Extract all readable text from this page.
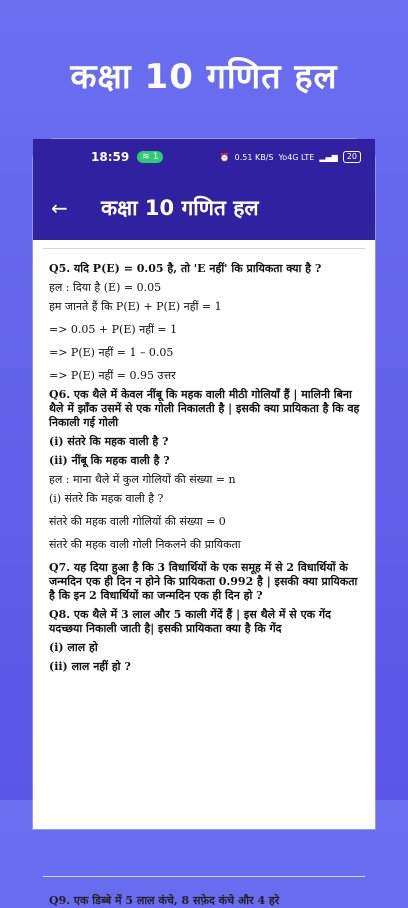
कक्षा 10 गणित हल
18:59 ≋ 1	⏰ 0.51 KB/S Yo4G LTE ▂▄▆	20
←	कक्षा 10 गणित हल

Q5. यदि P(E) = 0.05 है, तो 'E नहीं' कि प्रायिकता क्या है ?

हल : दिया है (E) = 0.05

हम जानते हैं कि P(E) + P(E) नहीं = 1

=> 0.05 + P(E) नहीं = 1

=> P(E) नहीं = 1 – 0.05

=> P(E) नहीं = 0.95 उत्तर

Q6. एक थैले में केवल नींबू कि महक वाली मीठी गोलियाँ हैं | मालिनी बिना थैले में झाँक उसमें से एक गोली निकालती है | इसकी क्या प्रायिकता है कि वह निकाली गई गोली

(i) संतरे कि महक वाली है ?

(ii) नींबू कि महक वाली है ?

हल : माना थैले में कुल गोलियों की संख्या = n

(i) संतरे कि महक वाली है ?

संतरे की महक वाली गोलियों की संख्या = 0

संतरे की महक वाली गोली निकलने की प्रायिकता

Q7. यह दिया हुआ है कि 3 विधार्थियों के एक समूह में से 2 विधार्थियों के जन्मदिन एक ही दिन न होने कि प्रायिकता 0.992 है | इसकी क्या प्रायिकता है कि इन 2 विधार्थियों का जन्मदिन एक ही दिन हो ?

Q8. एक थैले में 3 लाल और 5 काली गेंदें हैं | इस थैले में से एक गेंद यदच्छया निकाली जाती है| इसकी प्रायिकता क्या है कि गेंद

(i) लाल हो

(ii) लाल नहीं हो ?

Q9. एक डिब्बे में 5 लाल कंचे, 8 सफ़ेद कंचे और 4 हरे
